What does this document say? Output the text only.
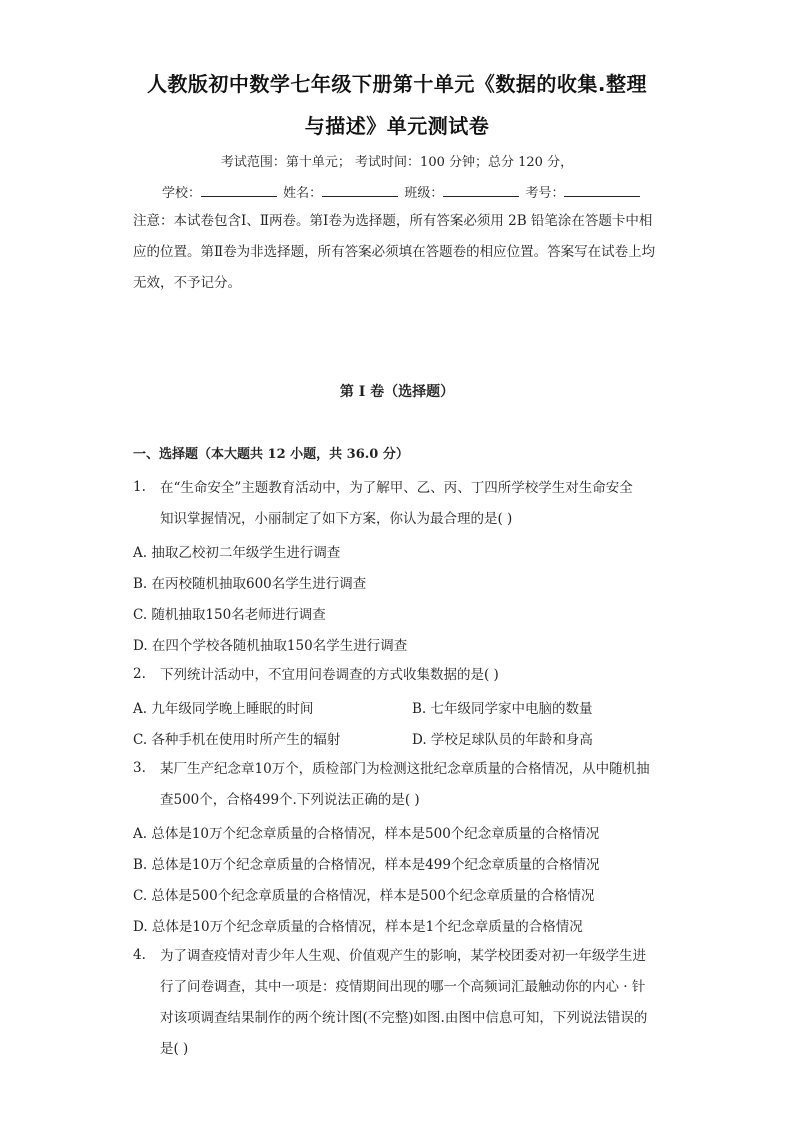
人教版初中数学七年级下册第十单元《数据的收集.整理
与描述》单元测试卷
考试范围：第十单元； 考试时间：100 分钟；总分 120 分，
学校：	姓名：	班级：	考号：
注意：本试卷包含Ⅰ、Ⅱ两卷。第Ⅰ卷为选择题，所有答案必须用 2B 铅笔涂在答题卡中相应的位置。第Ⅱ卷为非选择题，所有答案必须填在答题卷的相应位置。答案写在试卷上均无效，不予记分。
第 I 卷（选择题）
一、选择题（本大题共 12 小题，共 36.0 分）
1. 在“生命安全”主题教育活动中，为了解甲、乙、丙、丁四所学校学生对生命安全
知识掌握情况，小丽制定了如下方案，你认为最合理的是( )
A. 抽取乙校初二年级学生进行调查
B. 在丙校随机抽取600名学生进行调查
C. 随机抽取150名老师进行调查
D. 在四个学校各随机抽取150名学生进行调查
2. 下列统计活动中，不宜用问卷调查的方式收集数据的是( )
A. 九年级同学晚上睡眠的时间	B. 七年级同学家中电脑的数量
C. 各种手机在使用时所产生的辐射	D. 学校足球队员的年龄和身高
3. 某厂生产纪念章10万个，质检部门为检测这批纪念章质量的合格情况，从中随机抽
查500个，合格499个.下列说法正确的是( )
A. 总体是10万个纪念章质量的合格情况，样本是500个纪念章质量的合格情况
B. 总体是10万个纪念章质量的合格情况，样本是499个纪念章质量的合格情况
C. 总体是500个纪念章质量的合格情况，样本是500个纪念章质量的合格情况
D. 总体是10万个纪念章质量的合格情况，样本是1个纪念章质量的合格情况
4. 为了调查疫情对青少年人生观、价值观产生的影响，某学校团委对初一年级学生进
行了问卷调查，其中一项是：疫情期间出现的哪一个高频词汇最触动你的内心 · 针
对该项调查结果制作的两个统计图(不完整)如图.由图中信息可知，下列说法错误的
是( )
